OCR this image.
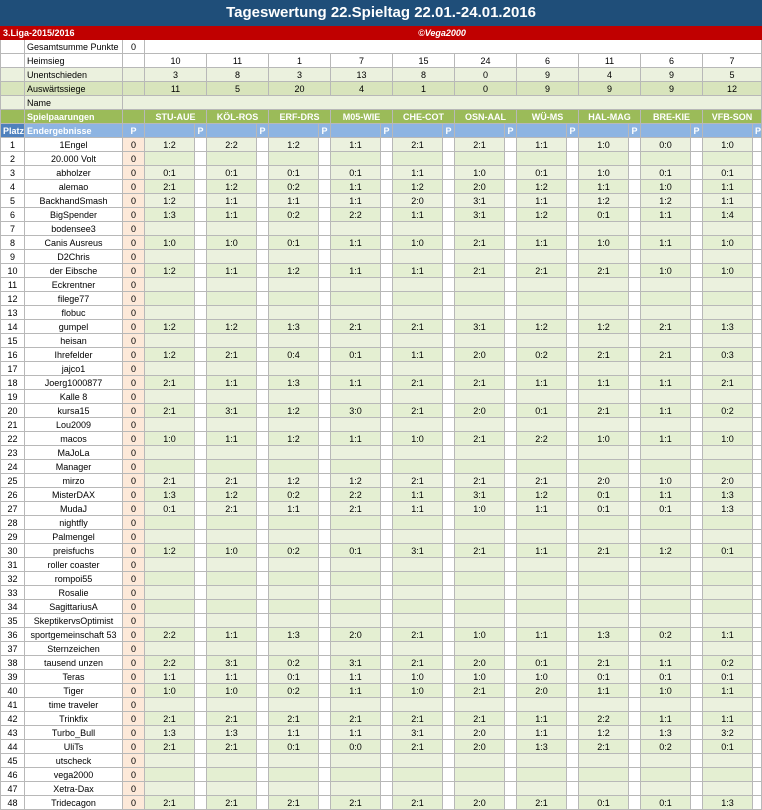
Tageswertung 22.Spieltag 22.01.-24.01.2016																						
3.Liga-2015/2016		©Vega2000																				
	Gesamtsumme Punkte	0																				
	Heimsieg		10		11		1		7		15		24		6		11		6		7	
	Unentschieden		3		8		3		13		8		0		9		4		9		5	
	Auswärtssiege		11		5		20		4		1		0		9		9		9		12	
	Name																					
	Spielpaarungen		STU-AUE		KÖL-ROS		ERF-DRS		M05-WIE		CHE-COT		OSN-AAL		WÜ-MS		HAL-MAG		BRE-KIE		VFB-SON	
Platz	Endergebnisse	P		P		P		P		P		P		P		P		P		P		P
1	1Engel	0	1:2		2:2		1:2		1:1		2:1		2:1		1:1		1:0		0:0		1:0	
2	20.000 Volt	0																				
3	abholzer	0	0:1		0:1		0:1		0:1		1:1		1:0		0:1		1:0		0:1		0:1	
4	alemao	0	2:1		1:2		0:2		1:1		1:2		2:0		1:2		1:1		1:0		1:1	
5	BackhandSmash	0	1:2		1:1		1:1		1:1		2:0		3:1		1:1		1:2		1:2		1:1	
6	BigSpender	0	1:3		1:1		0:2		2:2		1:1		3:1		1:2		0:1		1:1		1:4	
7	bodensee3	0																				
8	Canis Ausreus	0	1:0		1:0		0:1		1:1		1:0		2:1		1:1		1:0		1:1		1:0	
9	D2Chris	0																				
10	der Eibsche	0	1:2		1:1		1:2		1:1		1:1		2:1		2:1		2:1		1:0		1:0	
11	Eckrentner	0																				
12	filege77	0																				
13	flobuc	0																				
14	gumpel	0	1:2		1:2		1:3		2:1		2:1		3:1		1:2		1:2		2:1		1:3	
15	heisan	0																				
16	Ihrefelder	0	1:2		2:1		0:4		0:1		1:1		2:0		0:2		2:1		2:1		0:3	
17	jajco1	0																				
18	Joerg1000877	0	2:1		1:1		1:3		1:1		2:1		2:1		1:1		1:1		1:1		2:1	
19	Kalle 8	0																				
20	kursa15	0	2:1		3:1		1:2		3:0		2:1		2:0		0:1		2:1		1:1		0:2	
21	Lou2009	0																				
22	macos	0	1:0		1:1		1:2		1:1		1:0		2:1		2:2		1:0		1:1		1:0	
23	MaJoLa	0																				
24	Manager	0																				
25	mirzo	0	2:1		2:1		1:2		1:2		2:1		2:1		2:1		2:0		1:0		2:0	
26	MisterDAX	0	1:3		1:2		0:2		2:2		1:1		3:1		1:2		0:1		1:1		1:3	
27	MudaJ	0	0:1		2:1		1:1		2:1		1:1		1:0		1:1		0:1		0:1		1:3	
28	nightfly	0																				
29	Palmengel	0																				
30	preisfuchs	0	1:2		1:0		0:2		0:1		3:1		2:1		1:1		2:1		1:2		0:1	
31	roller coaster	0																				
32	rompoi55	0																				
33	Rosalie	0																				
34	SagittariusA	0																				
35	SkeptikervsOptimist	0																				
36	sportgemeinschaft 53	0	2:2		1:1		1:3		2:0		2:1		1:0		1:1		1:3		0:2		1:1	
37	Sternzeichen	0																				
38	tausend unzen	0	2:2		3:1		0:2		3:1		2:1		2:0		0:1		2:1		1:1		0:2	
39	Teras	0	1:1		1:1		0:1		1:1		1:0		1:0		1:0		0:1		0:1		0:1	
40	Tiger	0	1:0		1:0		0:2		1:1		1:0		2:1		2:0		1:1		1:0		1:1	
41	time traveler	0																				
42	Trinkfix	0	2:1		2:1		2:1		2:1		2:1		2:1		1:1		2:2		1:1		1:1	
43	Turbo_Bull	0	1:3		1:3		1:1		1:1		3:1		2:0		1:1		1:2		1:3		3:2	
44	UliTs	0	2:1		2:1		0:1		0:0		2:1		2:0		1:3		2:1		0:2		0:1	
45	utscheck	0																				
46	vega2000	0																				
47	Xetra-Dax	0																				
48	Tridecagon	0	2:1		2:1		2:1		2:1		2:1		2:0		2:1		0:1		0:1		1:3	
